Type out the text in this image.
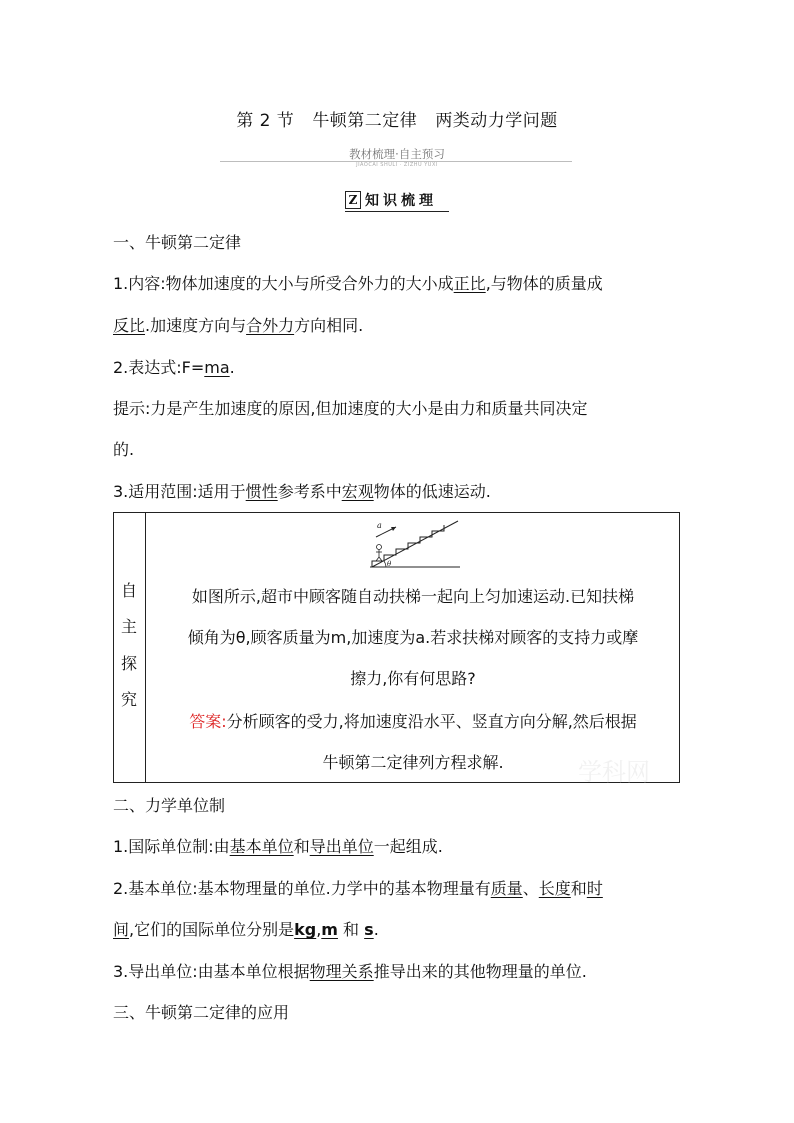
第 2 节 牛顿第二定律 两类动力学问题
教材梳理·自主预习
JIAOCAI SHULI · ZIZHU YUXI
Z 知识梳理
一、牛顿第二定律
1.内容:物体加速度的大小与所受合外力的大小成正比,与物体的质量成
反比.加速度方向与合外力方向相同.
2.表达式:F=ma.
提示:力是产生加速度的原因,但加速度的大小是由力和质量共同决定
的.
3.适用范围:适用于惯性参考系中宏观物体的低速运动.
自
主
探
究
a
θ
如图所示,超市中顾客随自动扶梯一起向上匀加速运动.已知扶梯
倾角为θ,顾客质量为m,加速度为a.若求扶梯对顾客的支持力或摩
擦力,你有何思路?
答案:分析顾客的受力,将加速度沿水平、竖直方向分解,然后根据
牛顿第二定律列方程求解.	学科网
二、力学单位制
1.国际单位制:由基本单位和导出单位一起组成.
2.基本单位:基本物理量的单位.力学中的基本物理量有质量、长度和时
间,它们的国际单位分别是kg,m 和 s.
3.导出单位:由基本单位根据物理关系推导出来的其他物理量的单位.
三、牛顿第二定律的应用
